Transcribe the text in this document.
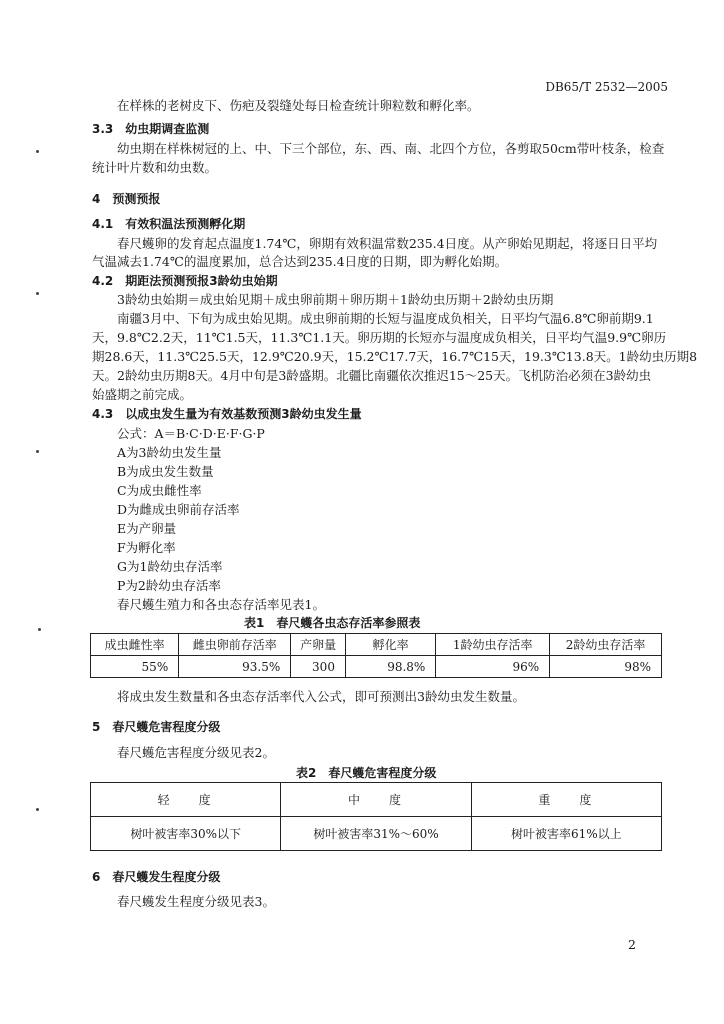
DB65/T 2532—2005
在样株的老树皮下、伤疤及裂缝处每日检查统计卵粒数和孵化率。
3.3　幼虫期调查监测
幼虫期在样株树冠的上、中、下三个部位，东、西、南、北四个方位，各剪取50cm带叶枝条，检查
统计叶片数和幼虫数。
4　预测预报
4.1　有效积温法预测孵化期
春尺蠖卵的发育起点温度1.74℃，卵期有效积温常数235.4日度。从产卵始见期起，将逐日日平均
气温减去1.74℃的温度累加，总合达到235.4日度的日期，即为孵化始期。
4.2　期距法预测预报3龄幼虫始期
3龄幼虫始期＝成虫始见期＋成虫卵前期＋卵历期＋1龄幼虫历期＋2龄幼虫历期
南疆3月中、下旬为成虫始见期。成虫卵前期的长短与温度成负相关，日平均气温6.8℃卵前期9.1
天，9.8℃2.2天，11℃1.5天，11.3℃1.1天。卵历期的长短亦与温度成负相关，日平均气温9.9℃卵历
期28.6天，11.3℃25.5天，12.9℃20.9天，15.2℃17.7天，16.7℃15天，19.3℃13.8天。1龄幼虫历期8
天。2龄幼虫历期8天。4月中旬是3龄盛期。北疆比南疆依次推迟15～25天。飞机防治必须在3龄幼虫
始盛期之前完成。
4.3　以成虫发生量为有效基数预测3龄幼虫发生量
公式：A＝B·C·D·E·F·G·P
A为3龄幼虫发生量
B为成虫发生数量
C为成虫雌性率
D为雌成虫卵前存活率
E为产卵量
F为孵化率
G为1龄幼虫存活率
P为2龄幼虫存活率
春尺蠖生殖力和各虫态存活率见表1。
表1　春尺蠖各虫态存活率参照表
成虫雌性率	雌虫卵前存活率	产卵量	孵化率	1龄幼虫存活率	2龄幼虫存活率
55%	93.5%	300	98.8%	96%	98%
将成虫发生数量和各虫态存活率代入公式，即可预测出3龄幼虫发生数量。
5　春尺蠖危害程度分级
春尺蠖危害程度分级见表2。
表2　春尺蠖危害程度分级
轻 度	中 度	重 度
树叶被害率30%以下	树叶被害率31%～60%	树叶被害率61%以上
6　春尺蠖发生程度分级
春尺蠖发生程度分级见表3。
2
